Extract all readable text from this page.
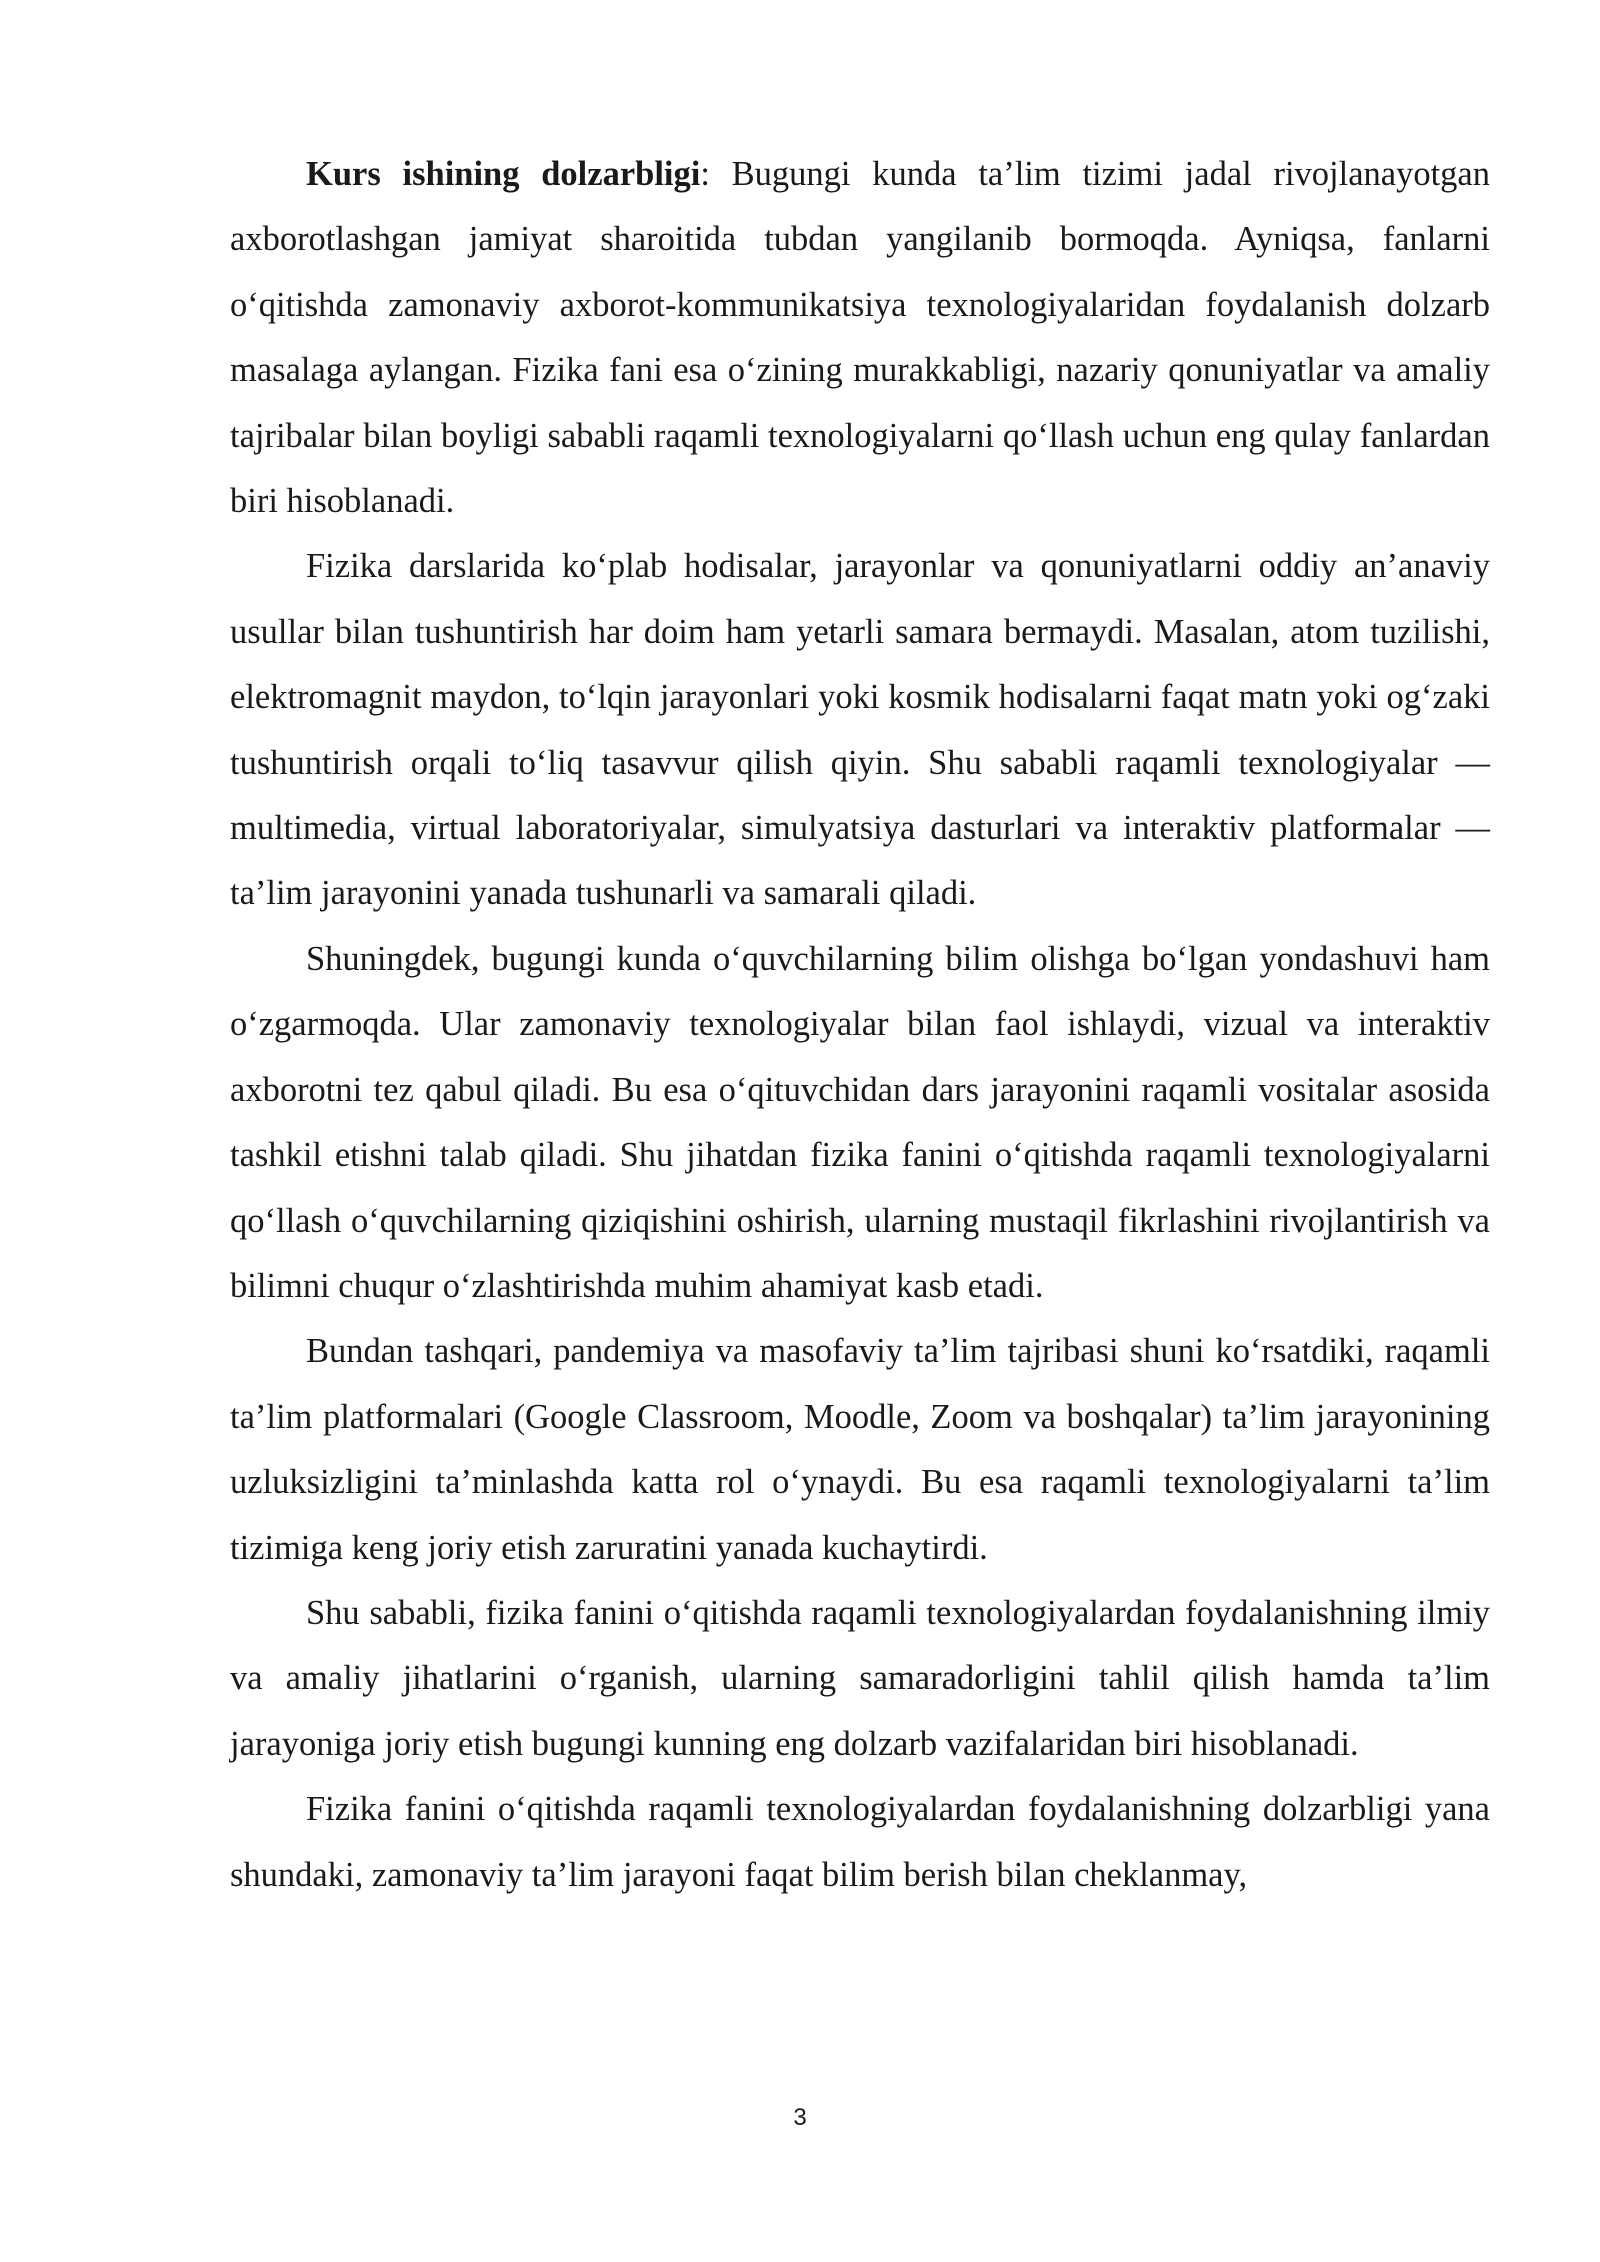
Kurs ishining dolzarbligi: Bugungi kunda ta’lim tizimi jadal rivojlanayotgan axborotlashgan jamiyat sharoitida tubdan yangilanib bormoqda. Ayniqsa, fanlarni o‘qitishda zamonaviy axborot-kommunikatsiya texnologiyalaridan foydalanish dolzarb masalaga aylangan. Fizika fani esa o‘zining murakkabligi, nazariy qonuniyatlar va amaliy tajribalar bilan boyligi sababli raqamli texnologiyalarni qo‘llash uchun eng qulay fanlardan biri hisoblanadi.

Fizika darslarida ko‘plab hodisalar, jarayonlar va qonuniyatlarni oddiy an’anaviy usullar bilan tushuntirish har doim ham yetarli samara bermaydi. Masalan, atom tuzilishi, elektromagnit maydon, to‘lqin jarayonlari yoki kosmik hodisalarni faqat matn yoki og‘zaki tushuntirish orqali to‘liq tasavvur qilish qiyin. Shu sababli raqamli texnologiyalar — multimedia, virtual laboratoriyalar, simulyatsiya dasturlari va interaktiv platformalar — ta’lim jarayonini yanada tushunarli va samarali qiladi.

Shuningdek, bugungi kunda o‘quvchilarning bilim olishga bo‘lgan yondashuvi ham o‘zgarmoqda. Ular zamonaviy texnologiyalar bilan faol ishlaydi, vizual va interaktiv axborotni tez qabul qiladi. Bu esa o‘qituvchidan dars jarayonini raqamli vositalar asosida tashkil etishni talab qiladi. Shu jihatdan fizika fanini o‘qitishda raqamli texnologiyalarni qo‘llash o‘quvchilarning qiziqishini oshirish, ularning mustaqil fikrlashini rivojlantirish va bilimni chuqur o‘zlashtirishda muhim ahamiyat kasb etadi.

Bundan tashqari, pandemiya va masofaviy ta’lim tajribasi shuni ko‘rsatdiki, raqamli ta’lim platformalari (Google Classroom, Moodle, Zoom va boshqalar) ta’lim jarayonining uzluksizligini ta’minlashda katta rol o‘ynaydi. Bu esa raqamli texnologiyalarni ta’lim tizimiga keng joriy etish zaruratini yanada kuchaytirdi.

Shu sababli, fizika fanini o‘qitishda raqamli texnologiyalardan foydalanishning ilmiy va amaliy jihatlarini o‘rganish, ularning samaradorligini tahlil qilish hamda ta’lim jarayoniga joriy etish bugungi kunning eng dolzarb vazifalaridan biri hisoblanadi.

Fizika fanini o‘qitishda raqamli texnologiyalardan foydalanishning dolzarbligi yana shundaki, zamonaviy ta’lim jarayoni faqat bilim berish bilan cheklanmay,

3
